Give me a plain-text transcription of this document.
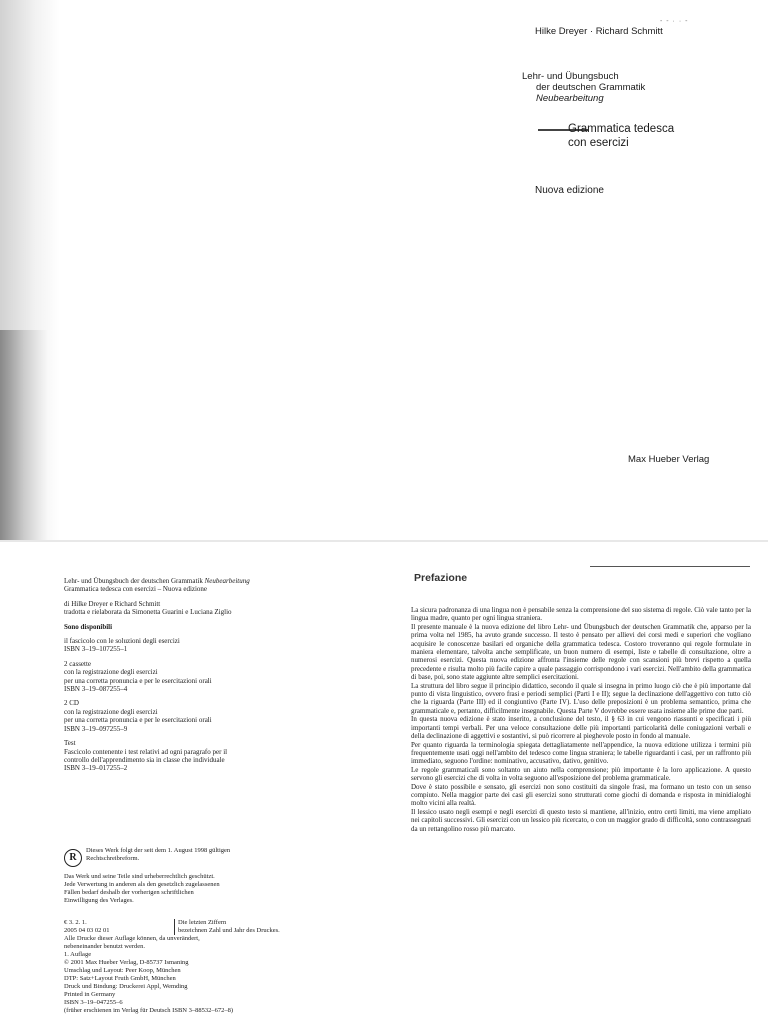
- - · · -
Hilke Dreyer · Richard Schmitt
Lehr- und Übungsbuch
der deutschen Grammatik
Neubearbeitung
Grammatica tedesca
con esercizi
Nuova edizione
Max Hueber Verlag

Lehr- und Übungsbuch der deutschen Grammatik Neubearbeitung

Grammatica tedesca con esercizi – Nuova edizione

di Hilke Dreyer e Richard Schmitt

tradotta e rielaborata da Simonetta Guarini e Luciana Ziglio

Sono disponibili

il fascicolo con le soluzioni degli esercizi

ISBN 3–19–107255–1

2 cassette

con la registrazione degli esercizi

per una corretta pronuncia e per le esercitazioni orali

ISBN 3–19–087255–4

2 CD

con la registrazione degli esercizi

per una corretta pronuncia e per le esercitazioni orali

ISBN 3–19–097255–9

Test

Fascicolo contenente i test relativi ad ogni paragrafo per il

controllo dell'apprendimento sia in classe che individuale

ISBN 3–19–017255–2

R
Dieses Werk folgt der seit dem 1. August 1998 gültigen
Rechtschreibreform.

Das Werk und seine Teile sind urheberrechtlich geschützt.

Jede Verwertung in anderen als den gesetzlich zugelassenen

Fällen bedarf deshalb der vorherigen schriftlichen

Einwilligung des Verlages.

€ 3. 2. 1.	Die letzten Ziffern
2005 04 03 02 01	bezeichnen Zahl und Jahr des Druckes.

Alle Drucke dieser Auflage können, da unverändert,

nebeneinander benutzt werden.

1. Auflage

© 2001 Max Hueber Verlag, D-85737 Ismaning

Umschlag und Layout: Peer Koop, München

DTP: Satz+Layout Fruth GmbH, München

Druck und Bindung: Druckerei Appl, Wemding

Printed in Germany

ISBN 3–19–047255–6

(früher erschienen im Verlag für Deutsch ISBN 3–88532–672–8)

Prefazione

La sicura padronanza di una lingua non è pensabile senza la comprensione del suo sistema di regole. Ciò vale tanto per la lingua madre, quanto per ogni lingua straniera.

Il presente manuale è la nuova edizione del libro Lehr- und Übungsbuch der deutschen Grammatik che, apparso per la prima volta nel 1985, ha avuto grande successo. Il testo è pensato per allievi dei corsi medi e superiori che vogliano acquisire le conoscenze basilari ed organiche della grammatica tedesca. Costoro troveranno qui regole formulate in maniera elementare, talvolta anche semplificate, un buon numero di esempi, liste e tabelle di consultazione, oltre a numerosi esercizi. Questa nuova edizione affronta l'insieme delle regole con scansioni più brevi rispetto a quella precedente e risulta molto più facile capire a quale passaggio corrispondono i vari esercizi. Nell'ambito della grammatica di base, poi, sono state aggiunte altre semplici esercitazioni.

La struttura del libro segue il principio didattico, secondo il quale si insegna in primo luogo ciò che è più importante dal punto di vista linguistico, ovvero frasi e periodi semplici (Parti I e II); segue la declinazione dell'aggettivo con tutto ciò che la riguarda (Parte III) ed il congiuntivo (Parte IV). L'uso delle preposizioni è un problema semantico, prima che grammaticale e, pertanto, difficilmente insegnabile. Questa Parte V dovrebbe essere usata insieme alle prime due parti.

In questa nuova edizione è stato inserito, a conclusione del testo, il § 63 in cui vengono riassunti e specificati i più importanti tempi verbali. Per una veloce consultazione delle più importanti particolarità delle coniugazioni verbali e della declinazione di aggettivi e sostantivi, si può ricorrere al pieghevole posto in fondo al manuale.

Per quanto riguarda la terminologia spiegata dettagliatamente nell'appendice, la nuova edizione utilizza i termini più frequentemente usati oggi nell'ambito del tedesco come lingua straniera; le tabelle riguardanti i casi, per un raffronto più immediato, seguono l'ordine: nominativo, accusativo, dativo, genitivo.

Le regole grammaticali sono soltanto un aiuto nella comprensione; più importante è la loro applicazione. A questo servono gli esercizi che di volta in volta seguono all'esposizione del problema grammaticale.

Dove è stato possibile e sensato, gli esercizi non sono costituiti da singole frasi, ma formano un testo con un senso compiuto. Nella maggior parte dei casi gli esercizi sono strutturati come giochi di domanda e risposta in minidialoghi molto vicini alla realtà.

Il lessico usato negli esempi e negli esercizi di questo testo si mantiene, all'inizio, entro certi limiti, ma viene ampliato nei capitoli successivi. Gli esercizi con un lessico più ricercato, o con un maggior grado di difficoltà, sono contrassegnati da un rettangolino rosso più marcato.
